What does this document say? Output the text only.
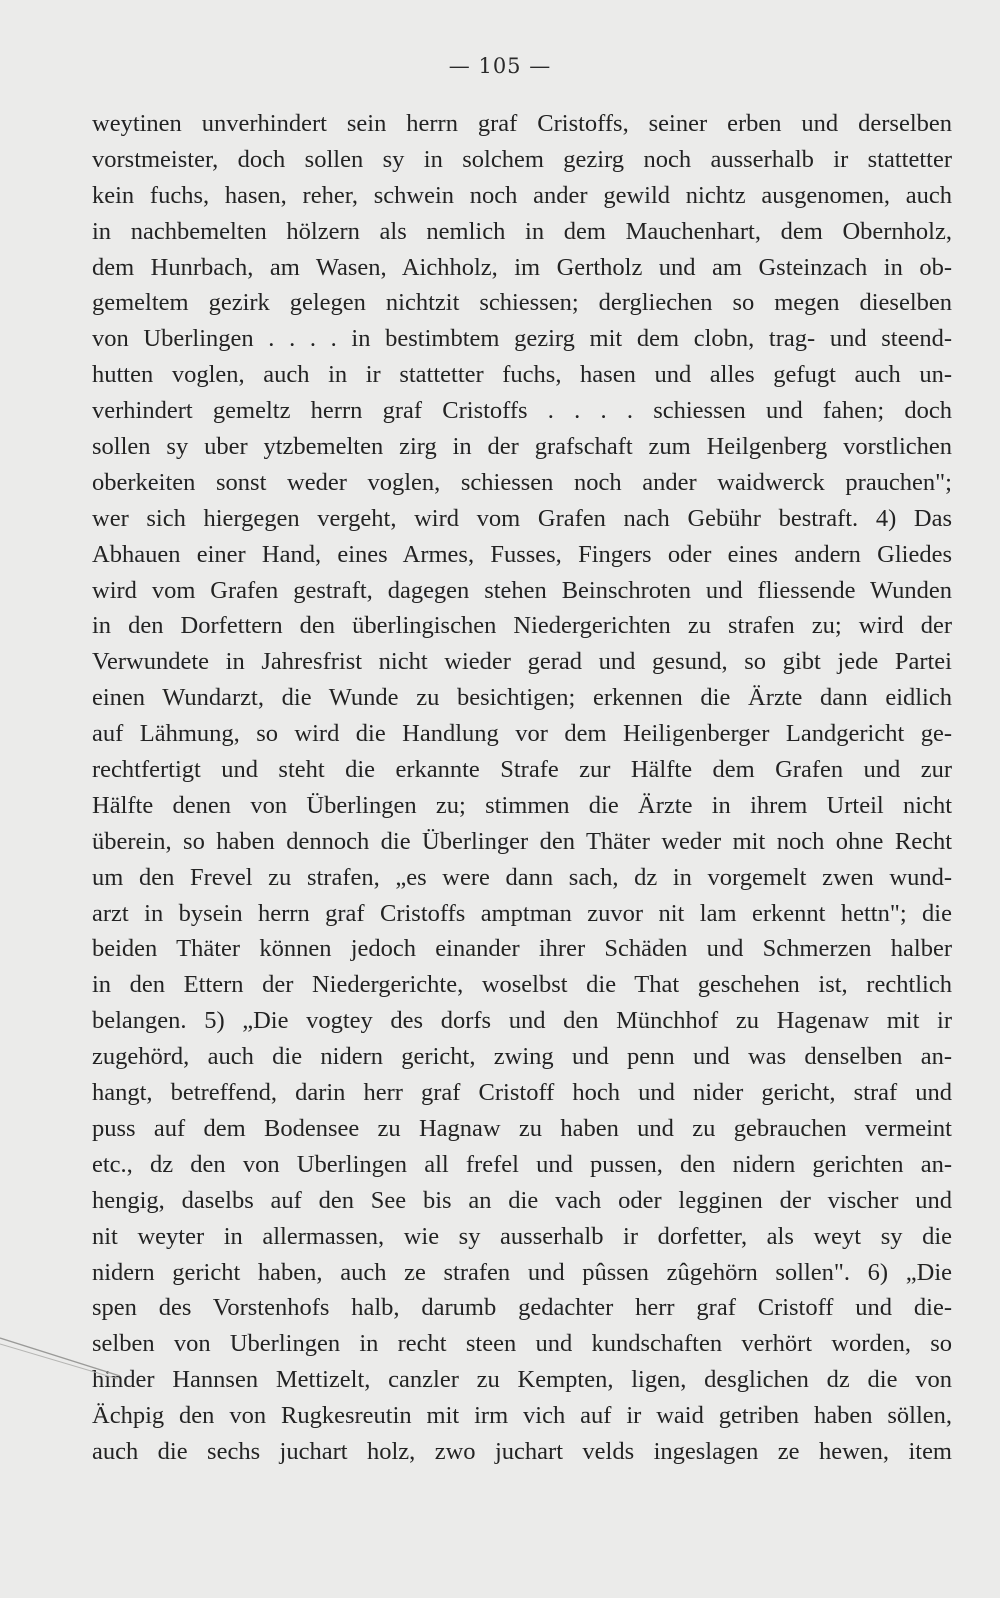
— 105 —
weytinen unverhindert sein herrn graf Cristoffs, seiner erben und derselben
vorstmeister, doch sollen sy in solchem gezirg noch ausserhalb ir stattetter
kein fuchs, hasen, reher, schwein noch ander gewild nichtz ausgenomen, auch
in nachbemelten hölzern als nemlich in dem Mauchenhart, dem Obernholz,
dem Hunrbach, am Wasen, Aichholz, im Gertholz und am Gsteinzach in ob-
gemeltem gezirk gelegen nichtzit schiessen; dergliechen so megen dieselben
von Uberlingen . . . . in bestimbtem gezirg mit dem clobn, trag- und steend-
hutten voglen, auch in ir stattetter fuchs, hasen und alles gefugt auch un-
verhindert gemeltz herrn graf Cristoffs . . . . schiessen und fahen; doch
sollen sy uber ytzbemelten zirg in der grafschaft zum Heilgenberg vorstlichen
oberkeiten sonst weder voglen, schiessen noch ander waidwerck prauchen";
wer sich hiergegen vergeht, wird vom Grafen nach Gebühr bestraft. 4) Das
Abhauen einer Hand, eines Armes, Fusses, Fingers oder eines andern Gliedes
wird vom Grafen gestraft, dagegen stehen Beinschroten und fliessende Wunden
in den Dorfettern den überlingischen Niedergerichten zu strafen zu; wird der
Verwundete in Jahresfrist nicht wieder gerad und gesund, so gibt jede Partei
einen Wundarzt, die Wunde zu besichtigen; erkennen die Ärzte dann eidlich
auf Lähmung, so wird die Handlung vor dem Heiligenberger Landgericht ge-
rechtfertigt und steht die erkannte Strafe zur Hälfte dem Grafen und zur
Hälfte denen von Überlingen zu; stimmen die Ärzte in ihrem Urteil nicht
überein, so haben dennoch die Überlinger den Thäter weder mit noch ohne Recht
um den Frevel zu strafen, „es were dann sach, dz in vorgemelt zwen wund-
arzt in bysein herrn graf Cristoffs amptman zuvor nit lam erkennt hettn"; die
beiden Thäter können jedoch einander ihrer Schäden und Schmerzen halber
in den Ettern der Niedergerichte, woselbst die That geschehen ist, rechtlich
belangen. 5) „Die vogtey des dorfs und den Münchhof zu Hagenaw mit ir
zugehörd, auch die nidern gericht, zwing und penn und was denselben an-
hangt, betreffend, darin herr graf Cristoff hoch und nider gericht, straf und
puss auf dem Bodensee zu Hagnaw zu haben und zu gebrauchen vermeint
etc., dz den von Uberlingen all frefel und pussen, den nidern gerichten an-
hengig, daselbs auf den See bis an die vach oder legginen der vischer und
nit weyter in allermassen, wie sy ausserhalb ir dorfetter, als weyt sy die
nidern gericht haben, auch ze strafen und pûssen zûgehörn sollen". 6) „Die
spen des Vorstenhofs halb, darumb gedachter herr graf Cristoff und die-
selben von Uberlingen in recht steen und kundschaften verhört worden, so
hinder Hannsen Mettizelt, canzler zu Kempten, ligen, desglichen dz die von
Ächpig den von Rugkesreutin mit irm vich auf ir waid getriben haben söllen,
auch die sechs juchart holz, zwo juchart velds ingeslagen ze hewen, item
